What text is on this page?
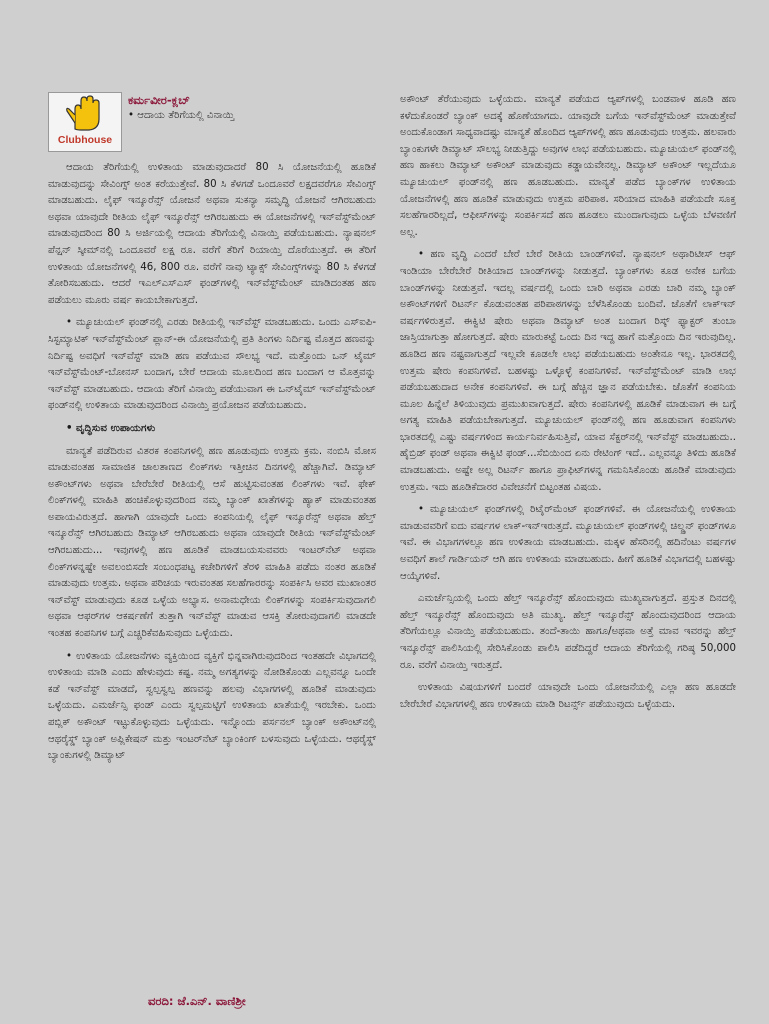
Clubhouse
ಕರ್ಮವೀರ-ಕ್ಲಬ್
• ಆದಾಯ ತೆರಿಗೆಯಲ್ಲಿ ವಿನಾಯ್ತಿ

ಆದಾಯ ತೆರಿಗೆಯಲ್ಲಿ ಉಳಿತಾಯ ಮಾಡುವುದಾದರೆ 80 ಸಿ ಯೋಜನೆಯಲ್ಲಿ ಹೂಡಿಕೆ ಮಾಡುವುದನ್ನು ಸೇವಿಂಗ್ಸ್ ಅಂತ ಕರೆಯುತ್ತೇವೆ. 80 ಸಿ ಕೆಳಗಡೆ ಒಂದೂವರೆ ಲಕ್ಷದವರೆಗೂ ಸೇವಿಂಗ್ಸ್ ಮಾಡಬಹುದು. ಲೈಫ್ ಇನ್ಶೂರೆನ್ಸ್ ಯೋಜನೆ ಅಥವಾ ಸುಕನ್ಯಾ ಸಮೃದ್ಧಿ ಯೋಜನೆ ಆಗಿರಬಹುದು ಅಥವಾ ಯಾವುದೇ ರೀತಿಯ ಲೈಫ್ ಇನ್ಶೂರೆನ್ಸ್ ಆಗಿರಬಹುದು ಈ ಯೋಜನೆಗಳಲ್ಲಿ ಇನ್‌ವೆಸ್ಟ್‌ಮೆಂಟ್ ಮಾಡುವುದರಿಂದ 80 ಸಿ ಅರ್ಜಿಯಲ್ಲಿ ಆದಾಯ ತೆರಿಗೆಯಲ್ಲಿ ವಿನಾಯ್ತಿ ಪಡೆಯಬಹುದು. ನ್ಯಾಷನಲ್ ಪೆನ್ಷನ್ ಸ್ಕೀಮ್‌ನಲ್ಲಿ ಒಂದೂವರೆ ಲಕ್ಷ ರೂ. ವರೆಗೆ ತೆರಿಗೆ ರಿಯಾಯ್ತಿ ದೊರೆಯುತ್ತದೆ. ಈ ತೆರಿಗೆ ಉಳಿತಾಯ ಯೋಜನೆಗಳಲ್ಲಿ 46, 800 ರೂ. ವರೆಗೆ ನಾವು ಟ್ಯಾಕ್ಸ್ ಸೇವಿಂಗ್ಸ್‌ಗಳನ್ನು 80 ಸಿ ಕೆಳಗಡೆ ತೋರಿಸಬಹುದು. ಆದರೆ ಇಎಲ್‌ಎಸ್‌ಎಸ್ ಫಂಡ್‌ಗಳಲ್ಲಿ ಇನ್‌ವೆಸ್ಟ್‌ಮೆಂಟ್ ಮಾಡಿದಂತಹ ಹಣ ಪಡೆಯಲು ಮೂರು ವರ್ಷ ಕಾಯಬೇಕಾಗುತ್ತದೆ.

• ಮ್ಯೂಚುಯಲ್ ಫಂಡ್‌ನಲ್ಲಿ ಎರಡು ರೀತಿಯಲ್ಲಿ ಇನ್‌ವೆಸ್ಟ್ ಮಾಡಬಹುದು. ಒಂದು ಎಸ್‌ಐಪಿ-ಸಿಸ್ಟಮ್ಯಾಟಿಕ್ ಇನ್‌ವೆಸ್ಟ್‌ಮೆಂಟ್ ಪ್ಲಾನ್-ಈ ಯೋಜನೆಯಲ್ಲಿ ಪ್ರತಿ ತಿಂಗಳು ನಿರ್ದಿಷ್ಟ ಮೊತ್ತದ ಹಣವನ್ನು ನಿರ್ದಿಷ್ಟ ಅವಧಿಗೆ ಇನ್‌ವೆಸ್ಟ್ ಮಾಡಿ ಹಣ ಪಡೆಯುವ ಸೌಲಭ್ಯ ಇದೆ. ಮತ್ತೊಂದು ಒನ್ ಟೈಮ್ ಇನ್‌ವೆಸ್ಟ್‌ಮೆಂಟ್-ಬೋನಸ್ ಬಂದಾಗ, ಬೇರೆ ಆದಾಯ ಮೂಲದಿಂದ ಹಣ ಬಂದಾಗ ಆ ಮೊತ್ತವನ್ನು ಇನ್‌ವೆಸ್ಟ್ ಮಾಡಬಹುದು. ಆದಾಯ ತೆರಿಗೆ ವಿನಾಯ್ತಿ ಪಡೆಯುವಾಗ ಈ ಒನ್‌ಟೈಮ್ ಇನ್‌ವೆಸ್ಟ್‌ಮೆಂಟ್ ಫಂಡ್‌ನಲ್ಲಿ ಉಳಿತಾಯ ಮಾಡುವುದರಿಂದ ವಿನಾಯ್ತಿ ಪ್ರಯೋಜನ ಪಡೆಯಬಹುದು.

• ವೃದ್ಧಿಸುವ ಉಪಾಯಗಳು

ಮಾನ್ಯತೆ ಪಡೆದಿರುವ ವಿತರಕ ಕಂಪನಿಗಳಲ್ಲಿ ಹಣ ಹೂಡುವುದು ಉತ್ತಮ ಕ್ರಮ. ನಂಬಿಸಿ ಮೋಸ ಮಾಡುವಂತಹ ಸಾಮಾಜಿಕ ಜಾಲತಾಣದ ಲಿಂಕ್‌ಗಳು ಇತ್ತೀಚಿನ ದಿನಗಳಲ್ಲಿ ಹೆಚ್ಚಾಗಿವೆ. ಡಿಮ್ಯಾಟ್ ಅಕೌಂಟ್‌ಗಳು ಅಥವಾ ಬೇರೆಬೇರೆ ರೀತಿಯಲ್ಲಿ ಆಸೆ ಹುಟ್ಟಿಸುವಂತಹ ಲಿಂಕ್‌ಗಳು ಇವೆ. ಫೇಕ್ ಲಿಂಕ್‌ಗಳಲ್ಲಿ ಮಾಹಿತಿ ಹಂಚಿಕೊಳ್ಳುವುದರಿಂದ ನಮ್ಮ ಬ್ಯಾಂಕ್ ಖಾತೆಗಳನ್ನು ಹ್ಯಾಕ್ ಮಾಡುವಂತಹ ಅಪಾಯವಿರುತ್ತದೆ. ಹಾಗಾಗಿ ಯಾವುದೇ ಒಂದು ಕಂಪನಿಯಲ್ಲಿ ಲೈಫ್ ಇನ್ಶೂರೆನ್ಸ್ ಅಥವಾ ಹೆಲ್ತ್ ಇನ್ಶೂರೆನ್ಸ್ ಆಗಿರಬಹುದು ಡಿಮ್ಯಾಟ್ ಆಗಿರಬಹುದು ಅಥವಾ ಯಾವುದೇ ರೀತಿಯ ಇನ್‌ವೆಸ್ಟ್‌ಮೆಂಟ್ ಆಗಿರಬಹುದು... ಇವುಗಳಲ್ಲಿ ಹಣ ಹೂಡಿಕೆ ಮಾಡಬಯಸುವವರು ಇಂಟರ್‌ನೆಟ್ ಅಥವಾ ಲಿಂಕ್‌ಗಳನ್ನಷ್ಟೇ ಅವಲಂಬಿಸದೇ ಸಂಬಂಧಪಟ್ಟ ಕಚೇರಿಗಳಿಗೆ ತೆರಳಿ ಮಾಹಿತಿ ಪಡೆದು ನಂತರ ಹೂಡಿಕೆ ಮಾಡುವುದು ಉತ್ತಮ. ಅಥವಾ ಪರಿಚಯ ಇರುವಂತಹ ಸಲಹೆಗಾರರನ್ನು ಸಂಪರ್ಕಿಸಿ ಅವರ ಮುಖಾಂತರ ಇನ್‌ವೆಸ್ಟ್ ಮಾಡುವುದು ಕೂಡ ಒಳ್ಳೆಯ ಅಭ್ಯಾಸ. ಅನಾಮಧೇಯ ಲಿಂಕ್‌ಗಳನ್ನು ಸಂಪರ್ಕಿಸುವುದಾಗಲಿ ಅಥವಾ ಆಫರ್‌ಗಳ ಆಕರ್ಷಣೆಗೆ ತುತ್ತಾಗಿ ಇನ್‌ವೆಸ್ಟ್ ಮಾಡುವ ಆಸಕ್ತಿ ತೋರುವುದಾಗಲಿ ಮಾಡದೇ ಇಂತಹ ಕಂಪನಿಗಳ ಬಗ್ಗೆ ಎಚ್ಚರಿಕೆವಹಿಸುವುದು ಒಳ್ಳೆಯದು.

• ಉಳಿತಾಯ ಯೋಜನೆಗಳು ವ್ಯಕ್ತಿಯಿಂದ ವ್ಯಕ್ತಿಗೆ ಭಿನ್ನವಾಗಿರುವುದರಿಂದ ಇಂತಹದೇ ವಿಭಾಗದಲ್ಲಿ ಉಳಿತಾಯ ಮಾಡಿ ಎಂದು ಹೇಳುವುದು ಕಷ್ಟ. ನಮ್ಮ ಅಗತ್ಯಗಳನ್ನು ನೋಡಿಕೊಂಡು ಎಲ್ಲವನ್ನೂ ಒಂದೇ ಕಡೆ ಇನ್‌ವೆಸ್ಟ್ ಮಾಡದೆ, ಸ್ವಲ್ಪಸ್ವಲ್ಪ ಹಣವನ್ನು ಹಲವು ವಿಭಾಗಗಳಲ್ಲಿ ಹೂಡಿಕೆ ಮಾಡುವುದು ಒಳ್ಳೆಯದು. ಎಮರ್ಜೆನ್ಸಿ ಫಂಡ್ ಎಂದು ಸ್ವಲ್ಪಮಟ್ಟಿಗೆ ಉಳಿತಾಯ ಖಾತೆಯಲ್ಲಿ ಇರಬೇಕು. ಒಂದು ಪಬ್ಲಿಕ್ ಅಕೌಂಟ್ ಇಟ್ಟುಕೊಳ್ಳುವುದು ಒಳ್ಳೆಯದು. ಇನ್ನೊಂದು ಪರ್ಸನಲ್ ಬ್ಯಾಂಕ್ ಅಕೌಂಟ್‌ನಲ್ಲಿ ಆಥರೈಸ್ಡ್ ಬ್ಯಾಂಕ್ ಅಪ್ಲಿಕೇಷನ್ ಮತ್ತು ಇಂಟರ್‌ನೆಟ್ ಬ್ಯಾಂಕಿಂಗ್ ಬಳಸುವುದು ಒಳ್ಳೆಯದು. ಆಥರೈಸ್ಡ್ ಬ್ಯಾಂಕುಗಳಲ್ಲಿ ಡಿಮ್ಯಾಟ್

ಅಕೌಂಟ್ ತೆರೆಯುವುದು ಒಳ್ಳೆಯದು. ಮಾನ್ಯತೆ ಪಡೆಯದ ಆ್ಯಪ್‌ಗಳಲ್ಲಿ ಬಂಡವಾಳ ಹೂಡಿ ಹಣ ಕಳೆದುಕೊಂಡರೆ ಬ್ಯಾಂಕ್ ಅದಕ್ಕೆ ಹೊಣೆಯಾಗದು. ಯಾವುದೇ ಬಗೆಯ ಇನ್‌ವೆಸ್ಟ್‌ಮೆಂಟ್ ಮಾಡುತ್ತೇವೆ ಅಂದುಕೊಂಡಾಗ ಸಾಧ್ಯವಾದಷ್ಟು ಮಾನ್ಯತೆ ಹೊಂದಿದ ಆ್ಯಪ್‌ಗಳಲ್ಲಿ ಹಣ ಹೂಡುವುದು ಉತ್ತಮ. ಹಲವಾರು ಬ್ಯಾಂಕುಗಳೇ ಡಿಮ್ಯಾಟ್ ಸೌಲಭ್ಯ ನೀಡುತ್ತಿದ್ದು ಅವುಗಳ ಲಾಭ ಪಡೆಯಬಹುದು. ಮ್ಯೂಚುಯಲ್ ಫಂಡ್‌ನಲ್ಲಿ ಹಣ ಹಾಕಲು ಡಿಮ್ಯಾಟ್ ಅಕೌಂಟ್ ಮಾಡುವುದು ಕಡ್ಡಾಯವೇನಲ್ಲ. ಡಿಮ್ಯಾಟ್ ಅಕೌಂಟ್ ಇಲ್ಲದೆಯೂ ಮ್ಯೂಚುಯಲ್ ಫಂಡ್‌ನಲ್ಲಿ ಹಣ ಹೂಡಬಹುದು. ಮಾನ್ಯತೆ ಪಡೆದ ಬ್ಯಾಂಕ್‌ಗಳ ಉಳಿತಾಯ ಯೋಜನೆಗಳಲ್ಲಿ ಹಣ ಹೂಡಿಕೆ ಮಾಡುವುದು ಉತ್ತಮ ಪರಿಪಾಠ. ಸರಿಯಾದ ಮಾಹಿತಿ ಪಡೆಯದೇ ಸೂಕ್ತ ಸಲಹೆಗಾರರಿಲ್ಲದೆ, ಆಫೀಸ್‌ಗಳನ್ನು ಸಂಪರ್ಕಿಸದೆ ಹಣ ಹೂಡಲು ಮುಂದಾಗುವುದು ಒಳ್ಳೆಯ ಬೆಳವಣಿಗೆ ಅಲ್ಲ.

• ಹಣ ವೃದ್ಧಿ ಎಂದರೆ ಬೇರೆ ಬೇರೆ ರೀತಿಯ ಬಾಂಡ್‌ಗಳಿವೆ. ನ್ಯಾಷನಲ್ ಅಥಾರಿಟೀಸ್ ಆಫ್ ಇಂಡಿಯಾ ಬೇರೆಬೇರೆ ರೀತಿಯಾದ ಬಾಂಡ್‌ಗಳನ್ನು ನೀಡುತ್ತದೆ. ಬ್ಯಾಂಕ್‌ಗಳು ಕೂಡ ಅನೇಕ ಬಗೆಯ ಬಾಂಡ್‌ಗಳನ್ನು ನೀಡುತ್ತವೆ. ಇದಲ್ಲ ವರ್ಷದಲ್ಲಿ ಒಂದು ಬಾರಿ ಅಥವಾ ಎರಡು ಬಾರಿ ನಮ್ಮ ಬ್ಯಾಂಕ್ ಅಕೌಂಟ್‌ಗಳಿಗೆ ರಿಟರ್ನ್ ಕೊಡುವಂತಹ ಪರಿಪಾಠಗಳನ್ನು ಬೆಳೆಸಿಕೊಂಡು ಬಂದಿವೆ. ಜೊತೆಗೆ ಲಾಕ್‌ಇನ್ ವರ್ಷಗಳಿರುತ್ತವೆ. ಈಕ್ವಿಟಿ ಷೇರು ಅಥವಾ ಡಿಮ್ಯಾಟ್ ಅಂತ ಬಂದಾಗ ರಿಸ್ಕ್ ಫ್ಯಾಕ್ಟರ್ ತುಂಬಾ ಜಾಸ್ತಿಯಾಗುತ್ತಾ ಹೋಗುತ್ತದೆ. ಷೇರು ಮಾರುಕಟ್ಟೆ ಒಂದು ದಿನ ಇದ್ದ ಹಾಗೆ ಮತ್ತೊಂದು ದಿನ ಇರುವುದಿಲ್ಲ. ಹೂಡಿದ ಹಣ ನಷ್ಟವಾಗುತ್ತದೆ ಇಲ್ಲವೇ ಕೂಡಲೇ ಲಾಭ ಪಡೆಯಬಹುದು ಅಂತೇನೂ ಇಲ್ಲ. ಭಾರತದಲ್ಲಿ ಉತ್ತಮ ಷೇರು ಕಂಪನಿಗಳಿವೆ. ಬಹಳಷ್ಟು ಒಳ್ಳೊಳ್ಳೆ ಕಂಪನಿಗಳಿವೆ. ಇನ್‌ವೆಸ್ಟ್‌ಮೆಂಟ್ ಮಾಡಿ ಲಾಭ ಪಡೆಯಬಹುದಾದ ಅನೇಕ ಕಂಪನಿಗಳಿವೆ. ಈ ಬಗ್ಗೆ ಹೆಚ್ಚಿನ ಜ್ಞಾನ ಪಡೆಯಬೇಕು. ಜೊತೆಗೆ ಕಂಪನಿಯ ಮೂಲ ಹಿನ್ನೆಲೆ ತಿಳಿಯುವುದು ಪ್ರಮುಖವಾಗುತ್ತದೆ. ಷೇರು ಕಂಪನಿಗಳಲ್ಲಿ ಹೂಡಿಕೆ ಮಾಡುವಾಗ ಈ ಬಗ್ಗೆ ಅಗತ್ಯ ಮಾಹಿತಿ ಪಡೆಯಬೇಕಾಗುತ್ತದೆ. ಮ್ಯೂಚುಯಲ್ ಫಂಡ್‌ನಲ್ಲಿ ಹಣ ಹೂಡುವಾಗ ಕಂಪನಿಗಳು ಭಾರತದಲ್ಲಿ ಎಷ್ಟು ವರ್ಷಗಳಿಂದ ಕಾರ್ಯನಿರ್ವಹಿಸುತ್ತಿವೆ, ಯಾವ ಸೆಕ್ಟರ್‌ನಲ್ಲಿ ಇನ್‌ವೆಸ್ಟ್ ಮಾಡಬಹುದು.. ಹೈಬ್ರಿಡ್ ಫಂಡ್ ಅಥವಾ ಈಕ್ವಿಟಿ ಫಂಡ್...ಸೆಬಿಯಿಂದ ಏನು ರೇಟಿಂಗ್ ಇದೆ.. ಎಲ್ಲವನ್ನೂ ತಿಳಿದು ಹೂಡಿಕೆ ಮಾಡಬಹುದು. ಅಷ್ಟೇ ಅಲ್ಲ ರಿಟರ್ನ್ ಹಾಗೂ ಪ್ರಾಫಿಟ್‌ಗಳನ್ನ ಗಮನಿಸಿಕೊಂಡು ಹೂಡಿಕೆ ಮಾಡುವುದು ಉತ್ತಮ. ಇದು ಹೂಡಿಕೆದಾರರ ವಿವೇಚನೆಗೆ ಬಿಟ್ಟಂತಹ ವಿಷಯ.

• ಮ್ಯೂಚುಯಲ್ ಫಂಡ್‌ಗಳಲ್ಲಿ ರಿಟೈರ್‌ಮೆಂಟ್ ಫಂಡ್‌ಗಳಿವೆ. ಈ ಯೋಜನೆಯಲ್ಲಿ ಉಳಿತಾಯ ಮಾಡುವವರಿಗೆ ಐದು ವರ್ಷಗಳ ಲಾಕ್-ಇನ್‌ಇರುತ್ತದೆ. ಮ್ಯೂಚುಯಲ್ ಫಂಡ್‌ಗಳಲ್ಲಿ ಚಿಲ್ಡ್ರನ್ ಫಂಡ್‌ಗಳೂ ಇವೆ. ಈ ವಿಭಾಗಗಳಲ್ಲೂ ಹಣ ಉಳಿತಾಯ ಮಾಡಬಹುದು. ಮಕ್ಕಳ ಹೆಸರಿನಲ್ಲಿ ಹದಿನೆಂಟು ವರ್ಷಗಳ ಅವಧಿಗೆ ಶಾಲೆ ಗಾರ್ಡಿಯನ್ ಆಗಿ ಹಣ ಉಳಿತಾಯ ಮಾಡಬಹುದು. ಹೀಗೆ ಹೂಡಿಕೆ ವಿಭಾಗದಲ್ಲಿ ಬಹಳಷ್ಟು ಆಯ್ಕೆಗಳಿವೆ.

ಎಮರ್ಜೆನ್ಸಿಯಲ್ಲಿ ಒಂದು ಹೆಲ್ತ್ ಇನ್ಶೂರೆನ್ಸ್ ಹೊಂದುವುದು ಮುಖ್ಯವಾಗುತ್ತದೆ. ಪ್ರಸ್ತುತ ದಿನದಲ್ಲಿ ಹೆಲ್ತ್ ಇನ್ಶೂರೆನ್ಸ್ ಹೊಂದುವುದು ಅತಿ ಮುಖ್ಯ. ಹೆಲ್ತ್ ಇನ್ಶೂರೆನ್ಸ್ ಹೊಂದುವುದರಿಂದ ಆದಾಯ ತೆರಿಗೆಯಲ್ಲೂ ವಿನಾಯ್ತಿ ಪಡೆಯಬಹುದು. ತಂದೆ-ತಾಯಿ ಹಾಗೂ/ಅಥವಾ ಅತ್ತೆ ಮಾವ ಇವರನ್ನು ಹೆಲ್ತ್ ಇನ್ಶೂರೆನ್ಸ್ ಪಾಲಿಸಿಯಲ್ಲಿ ಸೇರಿಸಿಕೊಂಡು ಪಾಲಿಸಿ ಪಡೆದಿದ್ದರೆ ಆದಾಯ ತೆರಿಗೆಯಲ್ಲಿ ಗರಿಷ್ಠ 50,000 ರೂ. ವರೆಗೆ ವಿನಾಯ್ತಿ ಇರುತ್ತದೆ.

ಉಳಿತಾಯ ವಿಷಯಗಳಿಗೆ ಬಂದರೆ ಯಾವುದೇ ಒಂದು ಯೋಜನೆಯಲ್ಲಿ ಎಲ್ಲಾ ಹಣ ಹೂಡದೇ ಬೇರೆಬೇರೆ ವಿಭಾಗಗಳಲ್ಲಿ ಹಣ ಉಳಿತಾಯ ಮಾಡಿ ರಿಟರ್ನ್ಸ್ ಪಡೆಯುವುದು ಒಳ್ಳೆಯದು.

ವರದಿ: ಜೆ.ಎನ್. ವಾಣಿಶ್ರೀ
